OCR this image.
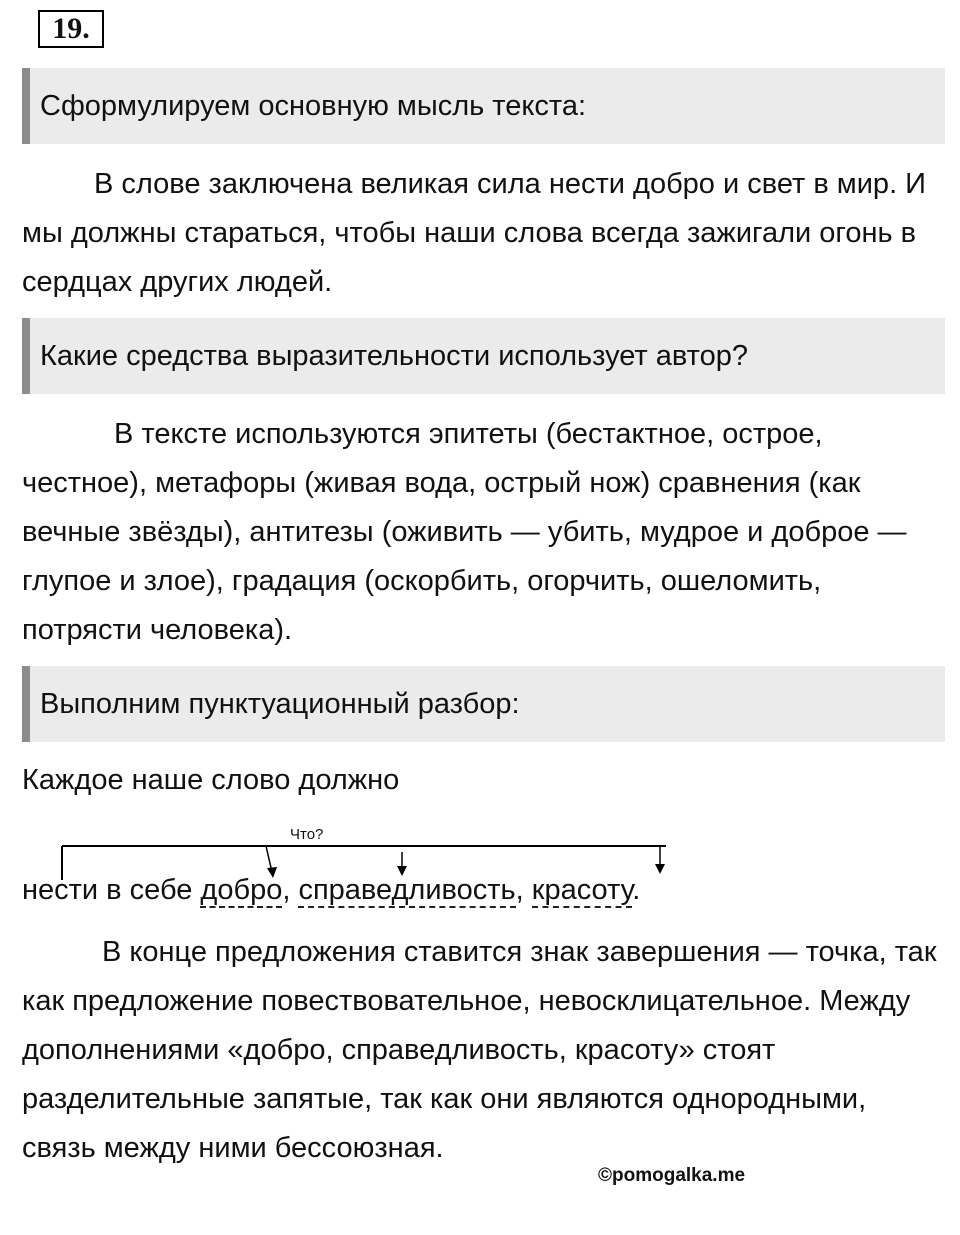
19.
Сформулируем основную мысль текста:

В слове заключена великая сила нести добро и свет в мир. И мы должны стараться, чтобы наши слова всегда зажигали огонь в сердцах других людей.

Какие средства выразительности использует автор?

В тексте используются эпитеты (бестактное, острое, честное), метафоры (живая вода, острый нож) сравнения (как вечные звёзды), антитезы (оживить — убить, мудрое и доброе — глупое и злое), градация (оскорбить, огорчить, ошеломить, потрясти человека).

Выполним пунктуационный разбор:
Каждое наше слово должно
Что?
нести в себе добро, справедливость, красоту.

В конце предложения ставится знак завершения — точка, так как предложение повествовательное, невосклицательное. Между дополнениями «добро, справедливость, красоту» стоят разделительные запятые, так как они являются однородными, связь между ними бессоюзная.

©pomogalka.me
